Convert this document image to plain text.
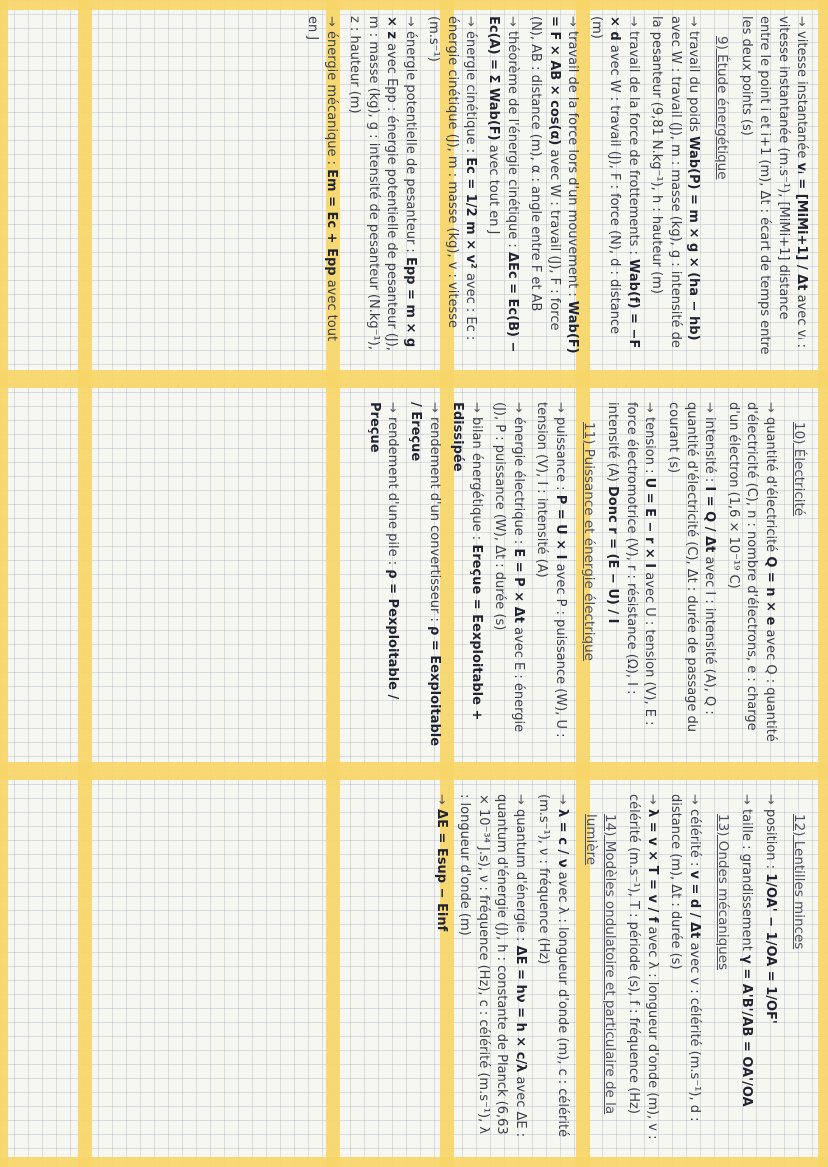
→ vitesse instantanée vᵢ = [MiMi+1] / Δt avec vᵢ : vitesse instantanée (m.s⁻¹), [MiMi+1] distance entre le point i et i+1 (m), Δt : écart de temps entre les deux points (s)

9) Étude énergétique

→ travail du poids Wab(P) = m × g × (ha − hb) avec W : travail (J), m : masse (kg), g : intensité de la pesanteur (9,81 N.kg⁻¹), h : hauteur (m)

→ travail de la force de frottements : Wab(f) = −F × d avec W : travail (J), F : force (N), d : distance (m)

→ travail de la force lors d'un mouvement : Wab(F) = F × AB × cos(α) avec W : travail (J), F : force (N), AB : distance (m), α : angle entre F et AB

→ théorème de l'énergie cinétique : ΔEc = Ec(B) − Ec(A) = Σ Wab(F) avec tout en J

→ énergie cinétique : Ec = 1/2 m × v² avec : Ec : énergie cinétique (J), m : masse (kg), v : vitesse (m.s⁻¹)

→ énergie potentielle de pesanteur : Epp = m × g × z avec Epp : énergie potentielle de pesanteur (J), m : masse (kg), g : intensité de pesanteur (N.kg⁻¹), z : hauteur (m)

→ énergie mécanique : Em = Ec + Epp avec tout en J

10) Électricité

→ quantité d'électricité Q = n × e avec Q : quantité d'électricité (C), n : nombre d'électrons, e : charge d'un électron (1,6 × 10⁻¹⁹ C)

→ intensité : I = Q / Δt avec I : intensité (A), Q : quantité d'électricité (C), Δt : durée de passage du courant (s)

→ tension : U = E − r × I avec U : tension (V), E : force électromotrice (V), r : résistance (Ω), I : intensité (A) Donc r = (E − U) / I

11) Puissance et énergie électrique

→ puissance : P = U × I avec P : puissance (W), U : tension (V), I : intensité (A)

→ énergie électrique : E = P × Δt avec E : énergie (J), P : puissance (W), Δt : durée (s)

→ bilan énergétique : Ereçue = Eexploitable + Edissipée

→ rendement d'un convertisseur : ρ = Eexploitable / Ereçue

→ rendement d'une pile : ρ = Pexploitable / Preçue

12) Lentilles minces

→ position : 1/OA' − 1/OA = 1/OF'

→ taille : grandissement γ = A'B'/AB = OA'/OA

13) Ondes mécaniques

→ célérité : v = d / Δt avec v : célérité (m.s⁻¹), d : distance (m), Δt : durée (s)

→ λ = v × T = v / f avec λ : longueur d'onde (m), v : célérité (m.s⁻¹), T : période (s), f : fréquence (Hz)

14) Modèles ondulatoire et particulaire de la lumière

→ λ = c / ν avec λ : longueur d'onde (m), c : célérité (m.s⁻¹), ν : fréquence (Hz)

→ quantum d'énergie : ΔE = hν = h × c/λ avec ΔE : quantum d'énergie (J), h : constante de Planck (6,63 × 10⁻³⁴ J.s), ν : fréquence (Hz), c : célérité (m.s⁻¹), λ : longueur d'onde (m)

→ ΔE = Esup − Einf
